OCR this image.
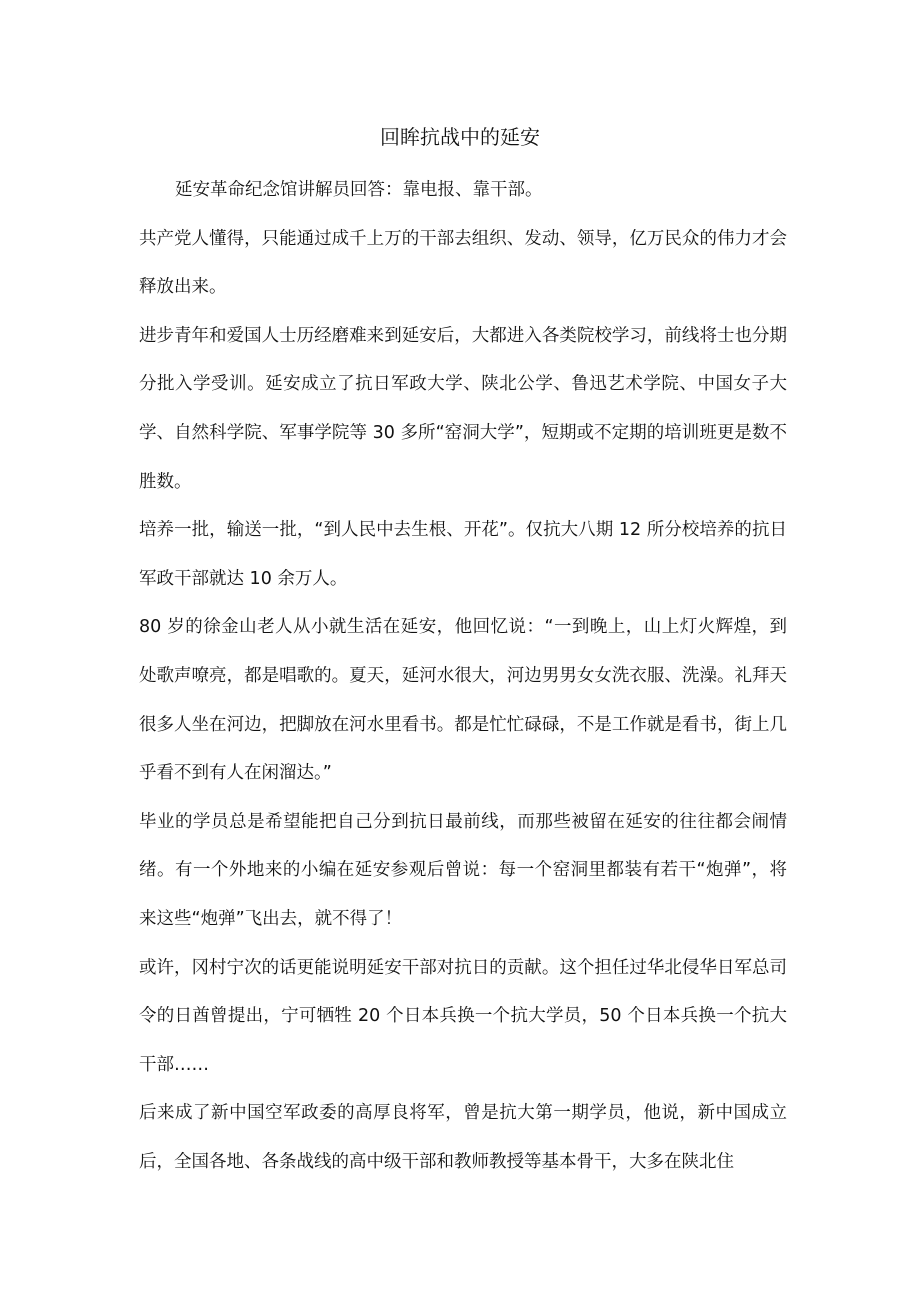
回眸抗战中的延安

延安革命纪念馆讲解员回答：靠电报、靠干部。

共产党人懂得，只能通过成千上万的干部去组织、发动、领导，亿万民众的伟力才会释放出来。

进步青年和爱国人士历经磨难来到延安后，大都进入各类院校学习，前线将士也分期分批入学受训。延安成立了抗日军政大学、陕北公学、鲁迅艺术学院、中国女子大学、自然科学院、军事学院等 30 多所“窑洞大学”，短期或不定期的培训班更是数不胜数。

培养一批，输送一批，“到人民中去生根、开花”。仅抗大八期 12 所分校培养的抗日军政干部就达 10 余万人。

80 岁的徐金山老人从小就生活在延安，他回忆说：“一到晚上，山上灯火辉煌，到处歌声嘹亮，都是唱歌的。夏天，延河水很大，河边男男女女洗衣服、洗澡。礼拜天很多人坐在河边，把脚放在河水里看书。都是忙忙碌碌，不是工作就是看书，街上几乎看不到有人在闲溜达。”

毕业的学员总是希望能把自己分到抗日最前线，而那些被留在延安的往往都会闹情绪。有一个外地来的小编在延安参观后曾说：每一个窑洞里都装有若干“炮弹”，将来这些“炮弹”飞出去，就不得了！

或许，冈村宁次的话更能说明延安干部对抗日的贡献。这个担任过华北侵华日军总司令的日酋曾提出，宁可牺牲 20 个日本兵换一个抗大学员，50 个日本兵换一个抗大干部……

后来成了新中国空军政委的高厚良将军，曾是抗大第一期学员，他说，新中国成立后，全国各地、各条战线的高中级干部和教师教授等基本骨干，大多在陕北住
